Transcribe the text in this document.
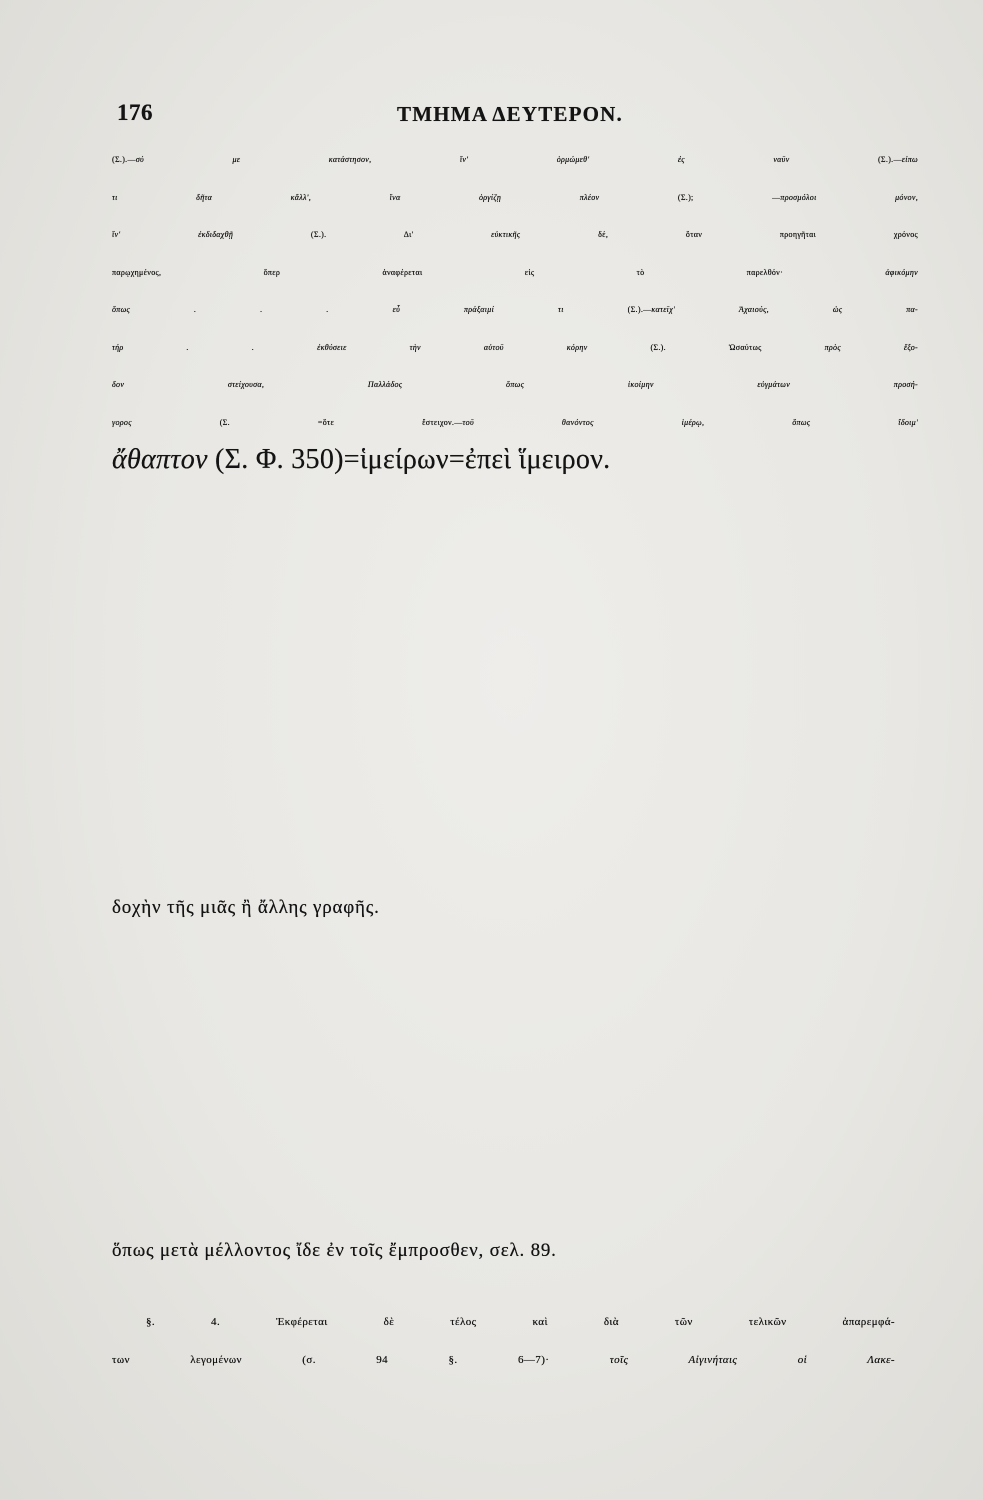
176	ΤΜΗΜΑ ΔΕΥΤΕΡΟΝ.
(Σ.).—σύ με κατάστησον, ἵν' ὁρμώμεθ' ἐς ναῦν (Σ.).—εἰπω
τι δῆτα κἄλλ', ἵνα ὀργίζῃ πλέον (Σ.); —προσμόλοι μόνον,
ἵν' ἐκδιδαχθῇ (Σ.). Δι' εὐκτικῆς δέ, ὅταν προηγῆται χρόνος
παρῳχημένος, ὅπερ ἀναφέρεται εἰς τὸ παρελθόν· ἀφικόμην
ὅπως . . . εὖ πράξαιμί τι (Σ.).—κατεῖχ' Ἀχαιούς, ὡς πα-
τήρ . . ἐκθύσειε τὴν αὐτοῦ κόρην (Σ.). Ὡσαύτως πρὸς ἔξο-
δον στείχουσα, Παλλάδος ὅπως ἱκοίμην εὐγμάτων προσή-
γορος (Σ. =ὅτε ἔστειχον.—τοῦ θανόντος ἱμέρῳ, ὅπως ἴδοιμ'
ἄθαπτον (Σ. Φ. 350)=ἱμείρων=ἐπεὶ ἵμειρον.
δοχὴν τῆς μιᾶς ἢ ἄλλης γραφῆς.
ὅπως μετὰ μέλλοντος ἴδε ἐν τοῖς ἔμπροσθεν, σελ. 89.
§. 4. Ἐκφέρεται δὲ τέλος καὶ διὰ τῶν τελικῶν ἀπαρεμφά-
των λεγομένων (σ. 94 §. 6—7)· τοῖς Αἰγινήταις οἱ Λακε-
